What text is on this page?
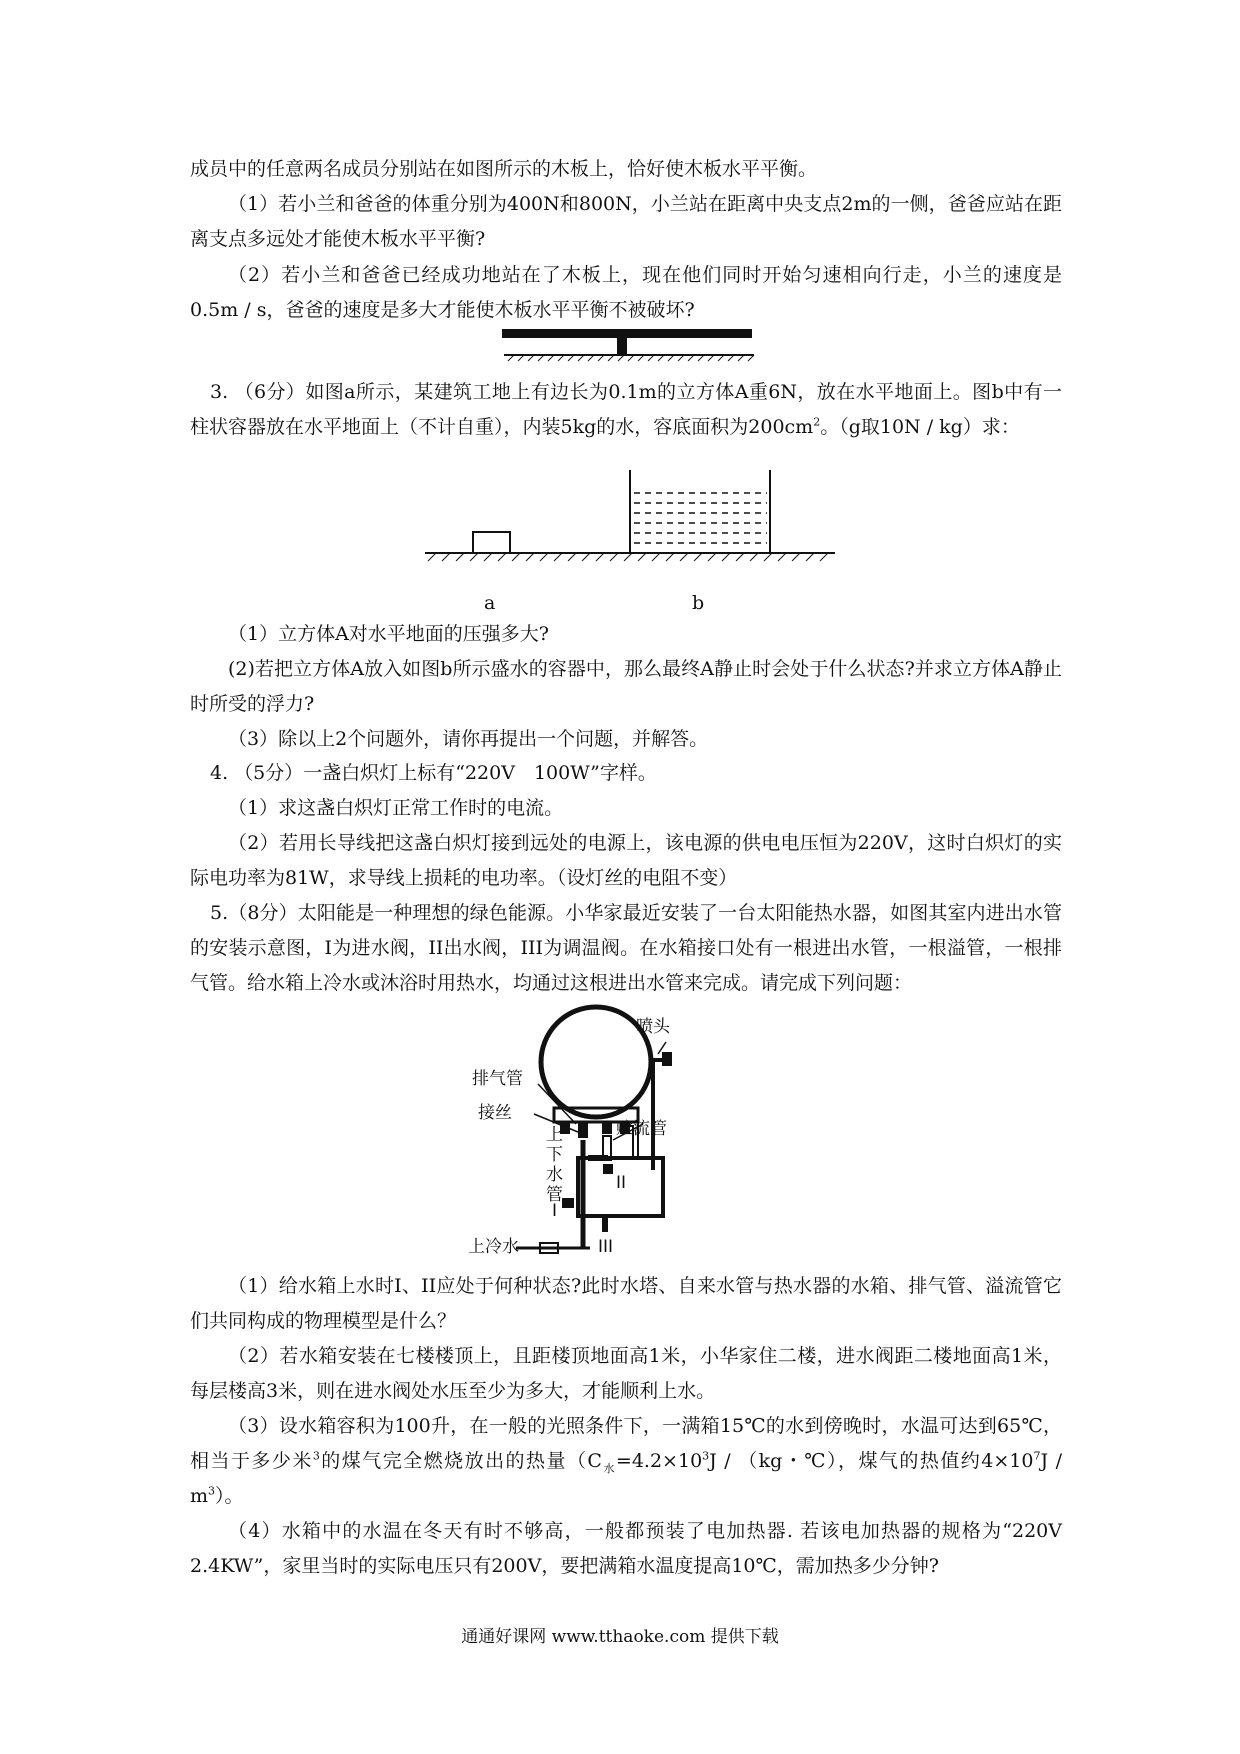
成员中的任意两名成员分别站在如图所示的木板上，恰好使木板水平平衡。

（1）若小兰和爸爸的体重分别为400N和800N，小兰站在距离中央支点2m的一侧，爸爸应站在距离支点多远处才能使木板水平平衡?

（2）若小兰和爸爸已经成功地站在了木板上，现在他们同时开始匀速相向行走，小兰的速度是0.5m / s，爸爸的速度是多大才能使木板水平平衡不被破坏?

3. （6分）如图a所示，某建筑工地上有边长为0.1m的立方体A重6N，放在水平地面上。图b中有一柱状容器放在水平地面上（不计自重），内装5kg的水，容底面积为$200cm^2$。（g取10N / kg）求：

a	b

（1）立方体A对水平地面的压强多大?

(2)若把立方体A放入如图b所示盛水的容器中，那么最终A静止时会处于什么状态?并求立方体A静止时所受的浮力?

（3）除以上2个问题外，请你再提出一个问题，并解答。

4. （5分）一盏白炽灯上标有“220V　100W”字样。

（1）求这盏白炽灯正常工作时的电流。

（2）若用长导线把这盏白炽灯接到远处的电源上，该电源的供电电压恒为220V，这时白炽灯的实际电功率为81W，求导线上损耗的电功率。（设灯丝的电阻不变）

5.（8分）太阳能是一种理想的绿色能源。小华家最近安装了一台太阳能热水器，如图其室内进出水管的安装示意图，I为进水阀，II出水阀，III为调温阀。在水箱接口处有一根进出水管，一根溢管，一根排气管。给水箱上冷水或沐浴时用热水，均通过这根进出水管来完成。请完成下列问题：

喷头
排气管
接丝
贮流管
上
下
水
管
I
II
III
上冷水

（1）给水箱上水时I、II应处于何种状态?此时水塔、自来水管与热水器的水箱、排气管、溢流管它们共同构成的物理模型是什么？

（2）若水箱安装在七楼楼顶上，且距楼顶地面高1米，小华家住二楼，进水阀距二楼地面高1米，每层楼高3米，则在进水阀处水压至少为多大，才能顺利上水。

（3）设水箱容积为100升，在一般的光照条件下，一满箱15℃的水到傍晚时，水温可达到65℃，相当于多少米$^3$的煤气完全燃烧放出的热量（$C_水=4.2\times 10^3J / (kg$・℃），煤气的热值约$4\times 10^7J / m^3$）。

（4）水箱中的水温在冬天有时不够高，一般都预装了电加热器. 若该电加热器的规格为“220V 2.4KW”，家里当时的实际电压只有200V，要把满箱水温度提高10℃，需加热多少分钟?

通通好课网 www.tthaoke.com 提供下载
